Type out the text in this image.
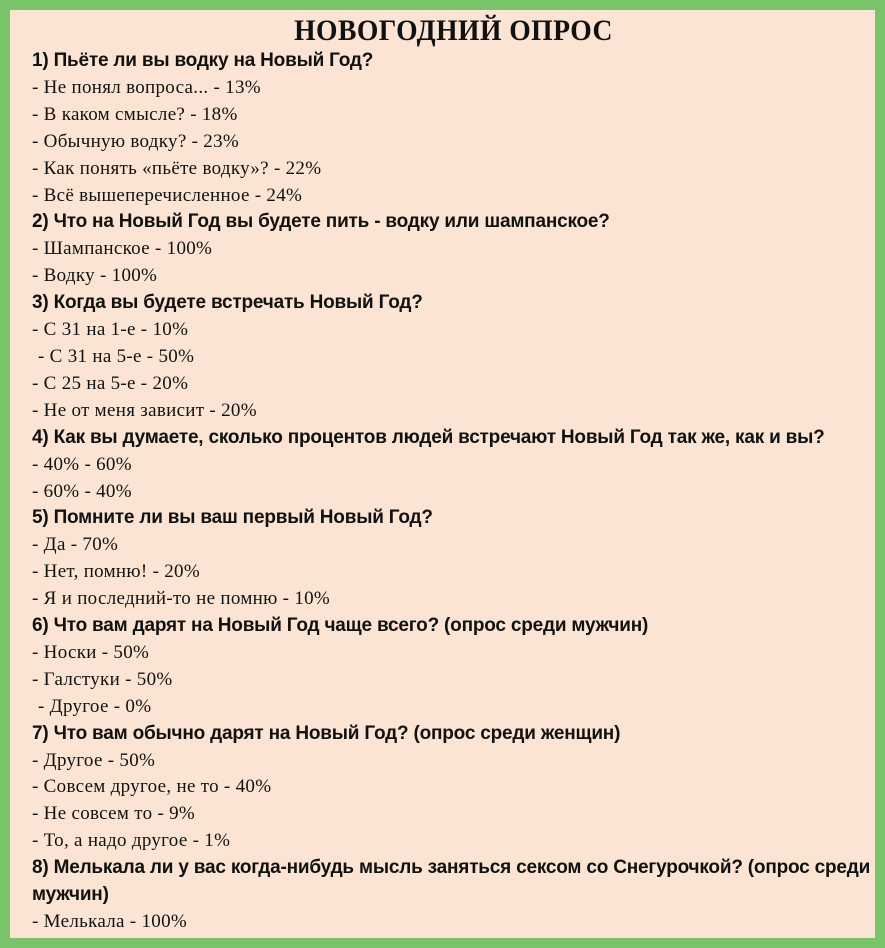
НОВОГОДНИЙ ОПРОС

1) Пьёте ли вы водку на Новый Год?

- Не понял вопроса... - 13%

- В каком смысле? - 18%

- Обычную водку? - 23%

- Как понять «пьёте водку»? - 22%

- Всё вышеперечисленное - 24%

2) Что на Новый Год вы будете пить - водку или шампанское?

- Шампанское - 100%

- Водку - 100%

3) Когда вы будете встречать Новый Год?

- С 31 на 1-е - 10%

- С 31 на 5-е - 50%

- С 25 на 5-е - 20%

- Не от меня зависит - 20%

4) Как вы думаете, сколько процентов людей встречают Новый Год так же, как и вы?

- 40% - 60%

- 60% - 40%

5) Помните ли вы ваш первый Новый Год?

- Да - 70%

- Нет, помню! - 20%

- Я и последний-то не помню - 10%

6) Что вам дарят на Новый Год чаще всего? (опрос среди мужчин)

- Носки - 50%

- Галстуки - 50%

- Другое - 0%

7) Что вам обычно дарят на Новый Год? (опрос среди женщин)

- Другое - 50%

- Совсем другое, не то - 40%

- Не совсем то - 9%

- То, а надо другое - 1%

8) Мелькала ли у вас когда-нибудь мысль заняться сексом со Снегурочкой? (опрос среди

мужчин)

- Мелькала - 100%
